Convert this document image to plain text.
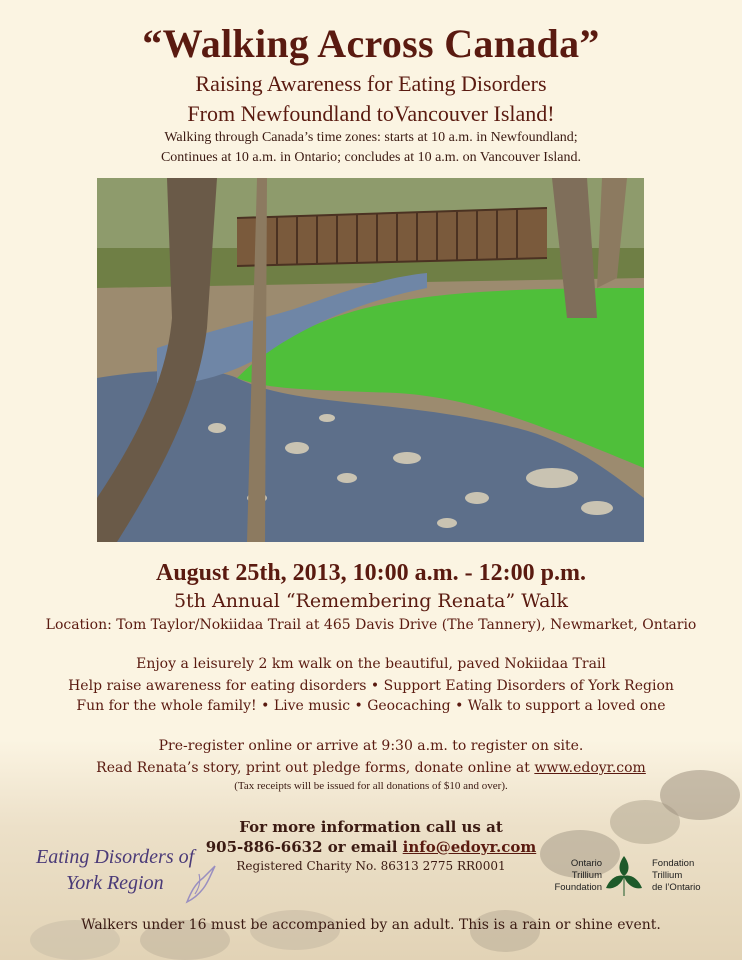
“Walking Across Canada”
Raising Awareness for Eating Disorders
From Newfoundland toVancouver Island!
Walking through Canada’s time zones: starts at 10 a.m. in Newfoundland;
Continues at 10 a.m. in Ontario; concludes at 10 a.m. on Vancouver Island.
August 25th, 2013, 10:00 a.m. - 12:00 p.m.
5th Annual “Remembering Renata” Walk
Location: Tom Taylor/Nokiidaa Trail at 465 Davis Drive (The Tannery), Newmarket, Ontario
Enjoy a leisurely 2 km walk on the beautiful, paved Nokiidaa Trail
Help raise awareness for eating disorders • Support Eating Disorders of York Region
Fun for the whole family! • Live music • Geocaching • Walk to support a loved one
Pre-register online or arrive at 9:30 a.m. to register on site.
Read Renata’s story, print out pledge forms, donate online at www.edoyr.com
(Tax receipts will be issued for all donations of $10 and over).
For more information call us at
905-886-6632 or email info@edoyr.com
Registered Charity No. 86313 2775 RR0001
Eating Disorders of
York Region
Ontario
Trillium
Foundation
Fondation
Trillium
de l’Ontario
Walkers under 16 must be accompanied by an adult. This is a rain or shine event.
